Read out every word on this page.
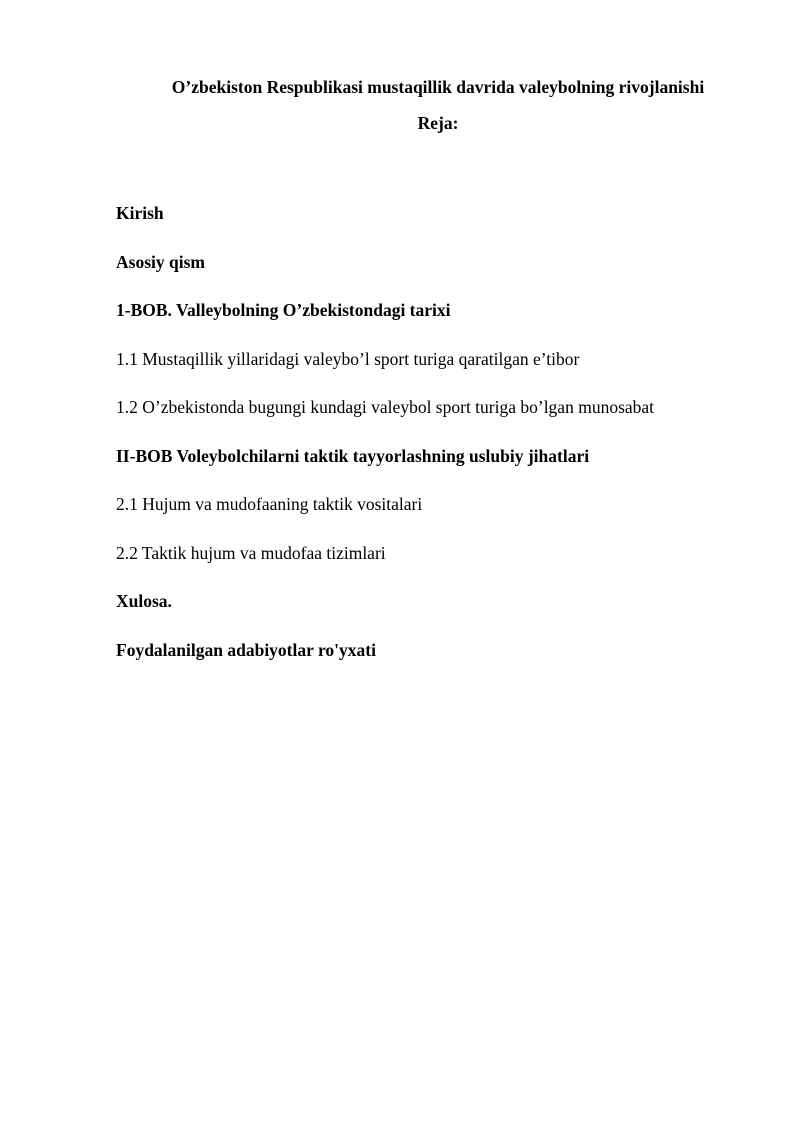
O’zbekiston Respublikasi mustaqillik davrida valeybolning rivojlanishi
Reja:
Kirish
Asosiy qism
1-BOB. Valleybolning O’zbekistondagi tarixi
1.1 Mustaqillik yillaridagi valeybo’l sport turiga qaratilgan e’tibor
1.2 O’zbekistonda bugungi kundagi valeybol sport turiga bo’lgan munosabat
II-BOB Voleybolchilarni taktik tayyorlashning uslubiy jihatlari
2.1 Hujum va mudofaaning taktik vositalari
2.2 Taktik hujum va mudofaa tizimlari
Xulosa.
Foydalanilgan adabiyotlar ro'yxati
